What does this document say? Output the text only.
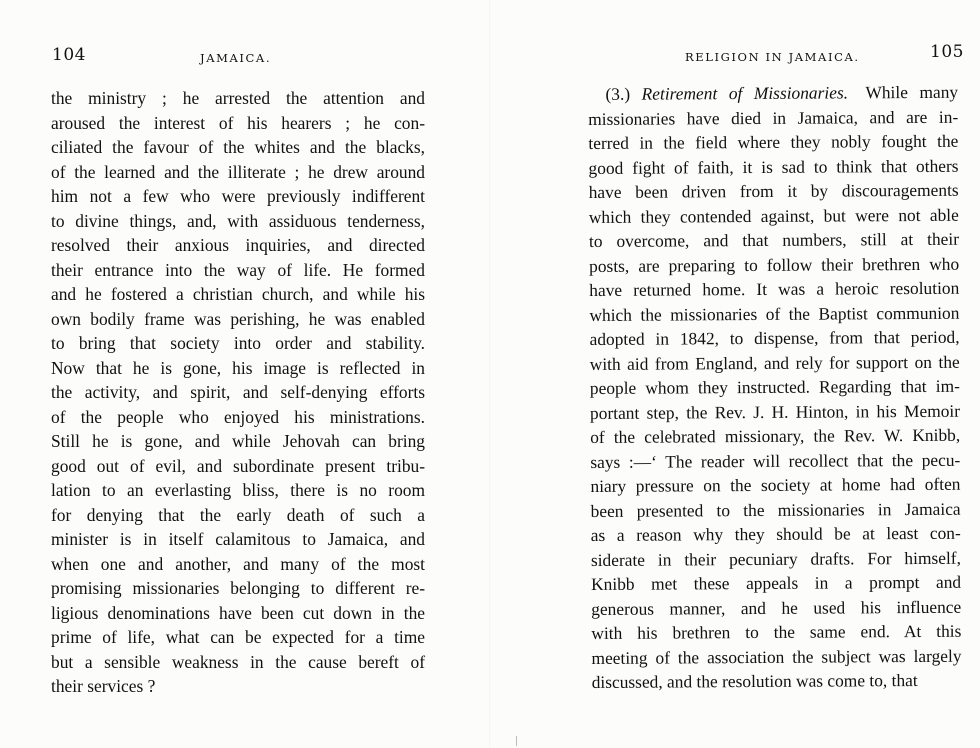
104	JAMAICA.
the ministry ; he arrested the attention and
aroused the interest of his hearers ; he con-
ciliated the favour of the whites and the blacks,
of the learned and the illiterate ; he drew around
him not a few who were previously indifferent
to divine things, and, with assiduous tenderness,
resolved their anxious inquiries, and directed
their entrance into the way of life. He formed
and he fostered a christian church, and while his
own bodily frame was perishing, he was enabled
to bring that society into order and stability.
Now that he is gone, his image is reflected in
the activity, and spirit, and self-denying efforts
of the people who enjoyed his ministrations.
Still he is gone, and while Jehovah can bring
good out of evil, and subordinate present tribu-
lation to an everlasting bliss, there is no room
for denying that the early death of such a
minister is in itself calamitous to Jamaica, and
when one and another, and many of the most
promising missionaries belonging to different re-
ligious denominations have been cut down in the
prime of life, what can be expected for a time
but a sensible weakness in the cause bereft of
their services ?
105
RELIGION IN JAMAICA.
 (3.) Retirement of Missionaries.  While many
missionaries have died in Jamaica, and are in-
terred in the field where they nobly fought the
good fight of faith, it is sad to think that others
have been driven from it by discouragements
which they contended against, but were not able
to overcome, and that numbers, still at their
posts, are preparing to follow their brethren who
have returned home. It was a heroic resolution
which the missionaries of the Baptist communion
adopted in 1842, to dispense, from that period,
with aid from England, and rely for support on the
people whom they instructed. Regarding that im-
portant step, the Rev. J. H. Hinton, in his Memoir
of the celebrated missionary, the Rev. W. Knibb,
says :—‘ The reader will recollect that the pecu-
niary pressure on the society at home had often
been presented to the missionaries in Jamaica
as a reason why they should be at least con-
siderate in their pecuniary drafts. For himself,
Knibb met these appeals in a prompt and
generous manner, and he used his influence
with his brethren to the same end. At this
meeting of the association the subject was largely
discussed, and the resolution was come to, that
